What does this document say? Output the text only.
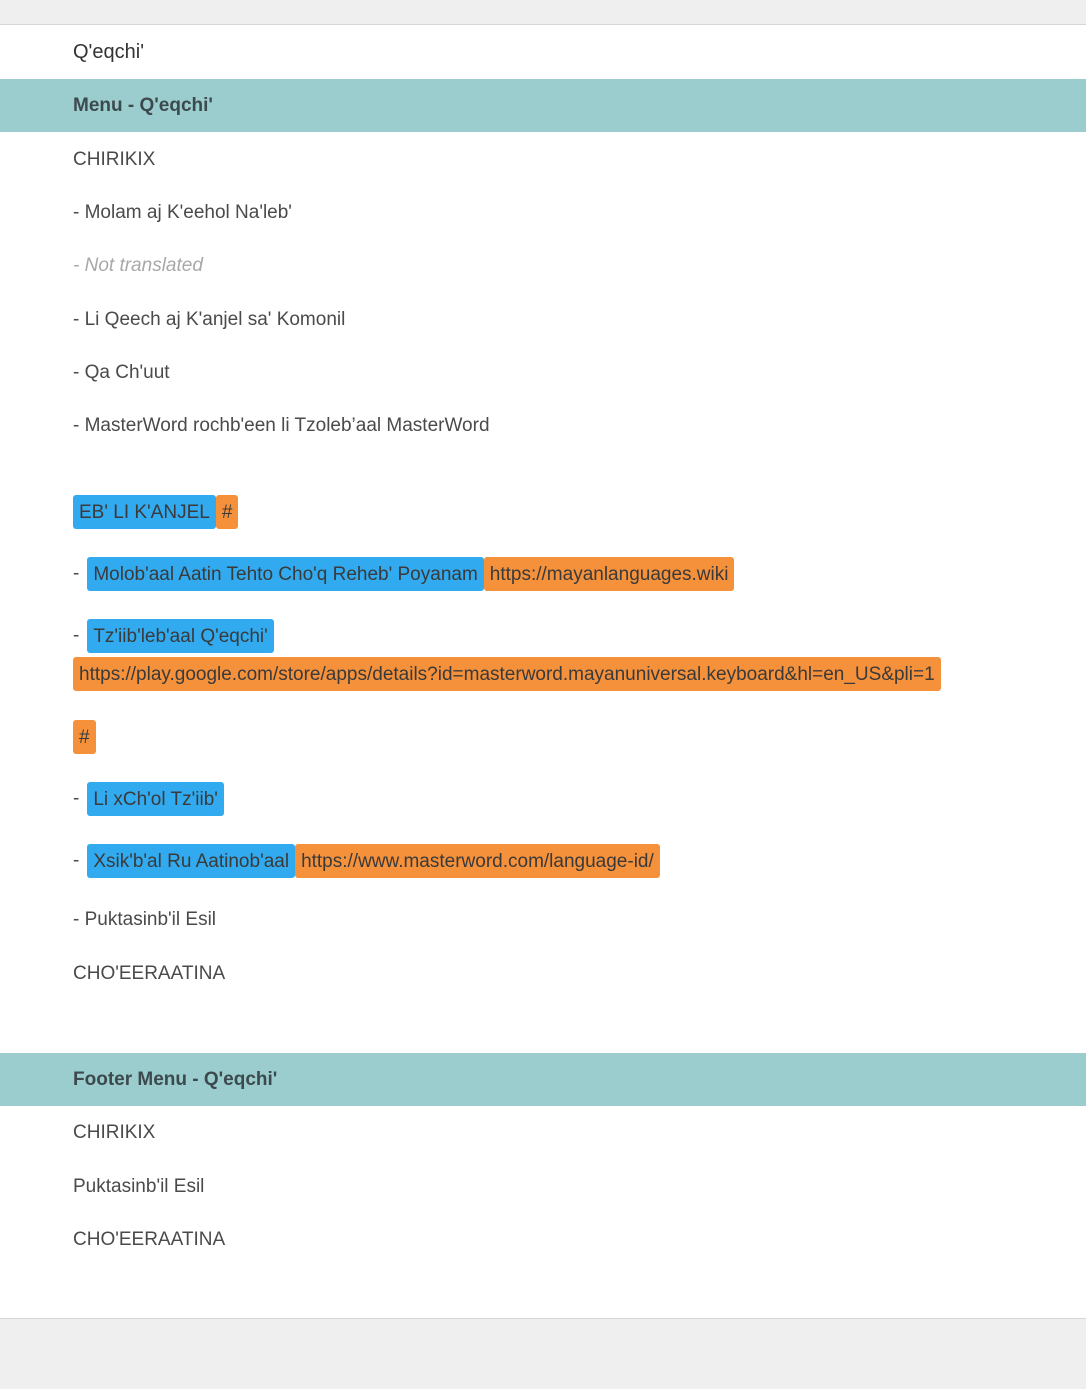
Q'eqchi'
Menu - Q'eqchi'
CHIRIKIX
- Molam aj K'eehol Na'leb'
- Not translated
- Li Qeech aj K'anjel sa' Komonil
- Qa Ch'uut
- MasterWord rochb'een li Tzoleb’aal MasterWord
EB' LI K'ANJEL #
- Molob'aal Aatin Tehto Cho'q Reheb' Poyanam https://mayanlanguages.wiki
- Tz'iib'leb'aal Q'eqchi'
https://play.google.com/store/apps/details?id=masterword.mayanuniversal.keyboard&hl=en_US&pli=1
#
- Li xCh'ol Tz'iib'
- Xsik'b'al Ru Aatinob'aal https://www.masterword.com/language-id/
- Puktasinb'il Esil
CHO'EERAATINA
Footer Menu - Q'eqchi'
CHIRIKIX
Puktasinb'il Esil
CHO'EERAATINA
